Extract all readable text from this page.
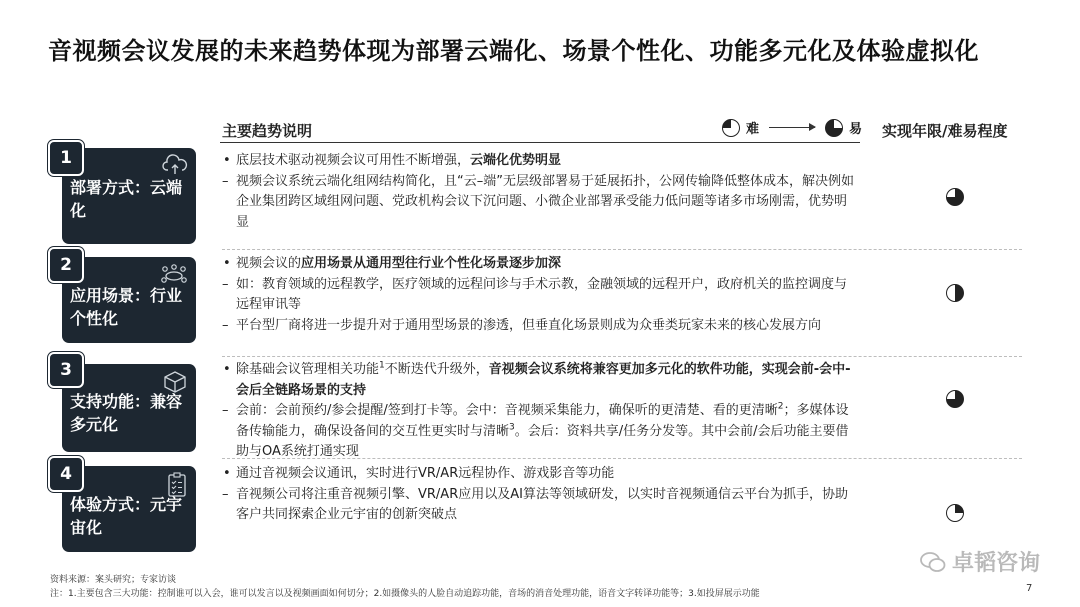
音视频会议发展的未来趋势体现为部署云端化、场景个性化、功能多元化及体验虚拟化
主要趋势说明	难	易 实现年限/难易程度
部署方式：云端化
1	• 底层技术驱动视频会议可用性不断增强，云端化优势明显
– 视频会议系统云端化组网结构简化，且“云–端”无层级部署易于延展拓扑，公网传输降低整体成本，解决例如企业集团跨区域组网问题、党政机构会议下沉问题、小微企业部署承受能力低问题等诸多市场刚需，优势明显
应用场景：行业个性化
2	• 视频会议的应用场景从通用型往行业个性化场景逐步加深
– 如：教育领域的远程教学，医疗领域的远程问诊与手术示教，金融领域的远程开户，政府机关的监控调度与远程审讯等
– 平台型厂商将进一步提升对于通用型场景的渗透，但垂直化场景则成为众垂类玩家未来的核心发展方向
支持功能：兼容多元化
3	• 除基础会议管理相关功能$^1$不断迭代升级外，音视频会议系统将兼容更加多元化的软件功能，实现会前-会中-会后全链路场景的支持
– 会前：会前预约/参会提醒/签到打卡等。会中：音视频采集能力，确保听的更清楚、看的更清晰$^2$；多媒体设备传输能力，确保设备间的交互性更实时与清晰$^3$。会后：资料共享/任务分发等。其中会前/会后功能主要借助与OA系统打通实现
体验方式：元宇宙化
4	• 通过音视频会议通讯，实时进行VR/AR远程协作、游戏影音等功能
– 音视频公司将注重音视频引擎、VR/AR应用以及AI算法等领域研发，以实时音视频通信云平台为抓手，协助客户共同探索企业元宇宙的创新突破点
资料来源：案头研究；专家访谈
注：1.主要包含三大功能：控制谁可以入会，谁可以发言以及视频画面如何切分；2.如摄像头的人脸自动追踪功能，音场的消音处理功能，语音文字转译功能等；3.如投屏展示功能	7
卓韬咨询
